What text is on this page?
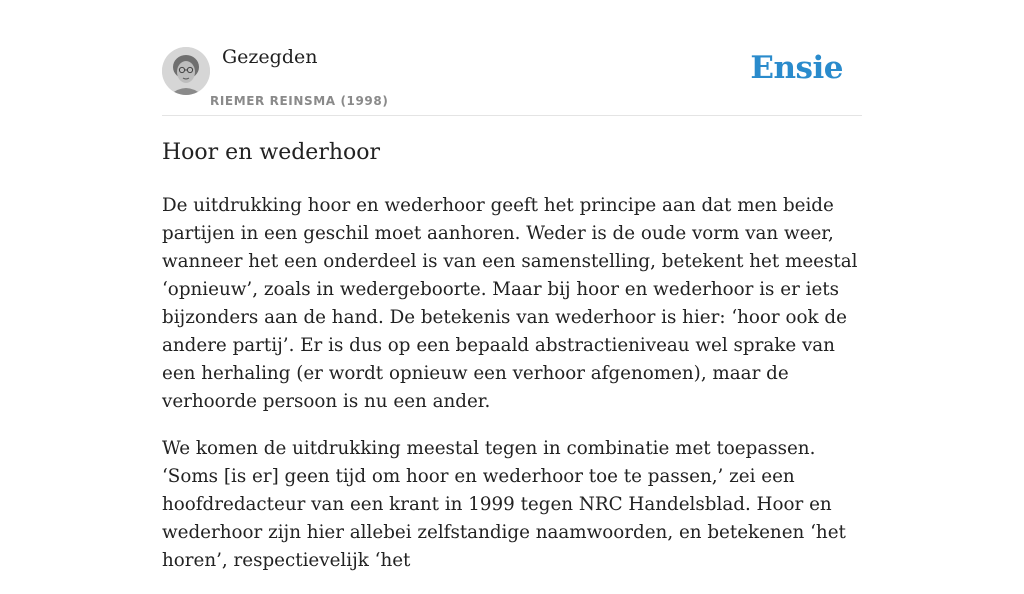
Gezegden
RIEMER REINSMA (1998)
Ensie
Hoor en wederhoor

De uitdrukking hoor en wederhoor geeft het principe aan dat men beide partijen in een geschil moet aanhoren. Weder is de oude vorm van weer, wanneer het een onderdeel is van een samenstelling, betekent het meestal ‘opnieuw’, zoals in wedergeboorte. Maar bij hoor en wederhoor is er iets bijzonders aan de hand. De betekenis van wederhoor is hier: ‘hoor ook de andere partij’. Er is dus op een bepaald abstractieniveau wel sprake van een herhaling (er wordt opnieuw een verhoor afgenomen), maar de verhoorde persoon is nu een ander.

We komen de uitdrukking meestal tegen in combinatie met toepassen. ‘Soms [is er] geen tijd om hoor en wederhoor toe te passen,’ zei een hoofdredacteur van een krant in 1999 tegen NRC Handelsblad. Hoor en wederhoor zijn hier allebei zelfstandige naamwoorden, en betekenen ‘het horen’, respectievelijk ‘het
